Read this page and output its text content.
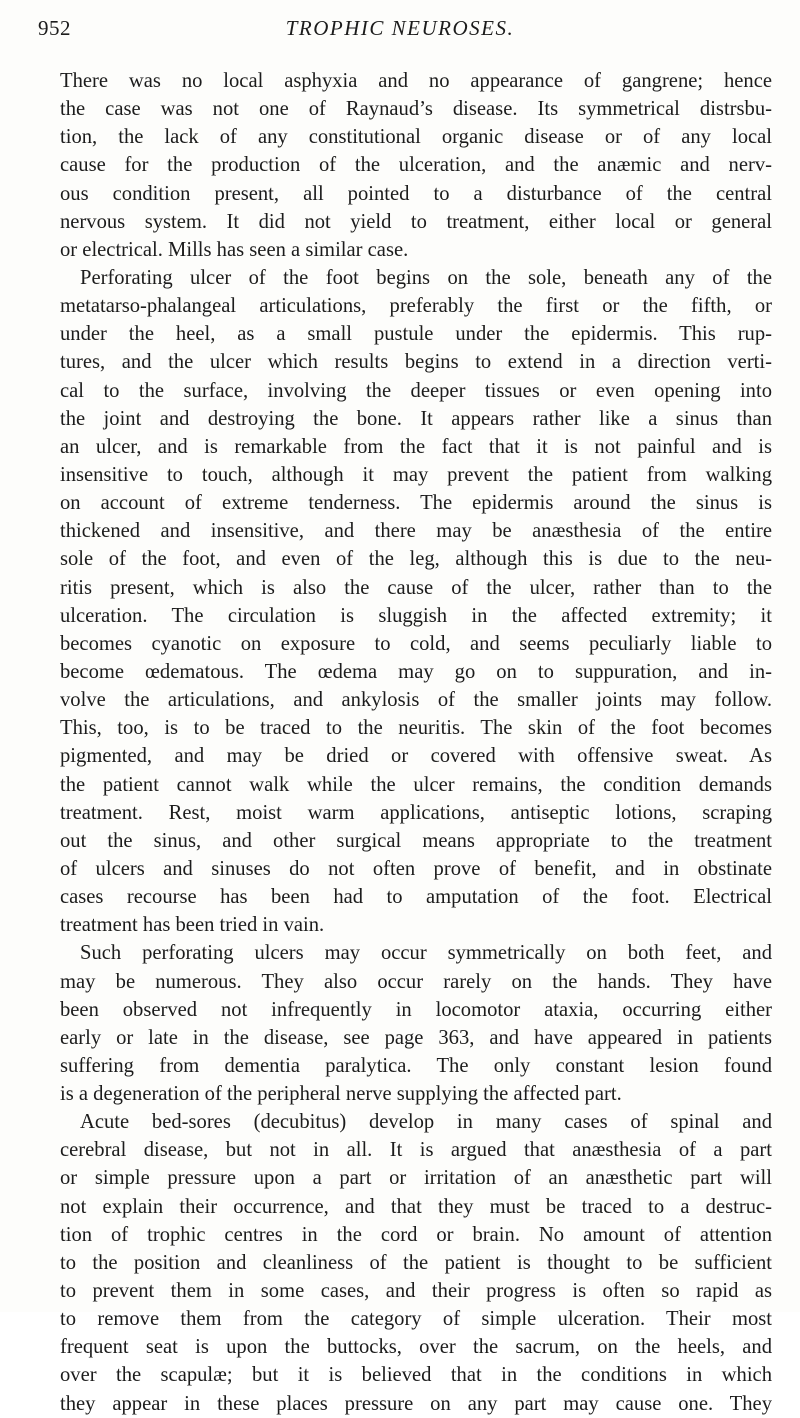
952	TROPHIC NEUROSES.
There was no local asphyxia and no appearance of gangrene; hence
the case was not one of Raynaud’s disease. Its symmetrical distrsbu-
tion, the lack of any constitutional organic disease or of any local
cause for the production of the ulceration, and the anæmic and nerv-
ous condition present, all pointed to a disturbance of the central
nervous system. It did not yield to treatment, either local or general
or electrical. Mills has seen a similar case.
Perforating ulcer of the foot begins on the sole, beneath any of the
metatarso-phalangeal articulations, preferably the first or the fifth, or
under the heel, as a small pustule under the epidermis. This rup-
tures, and the ulcer which results begins to extend in a direction verti-
cal to the surface, involving the deeper tissues or even opening into
the joint and destroying the bone. It appears rather like a sinus than
an ulcer, and is remarkable from the fact that it is not painful and is
insensitive to touch, although it may prevent the patient from walking
on account of extreme tenderness. The epidermis around the sinus is
thickened and insensitive, and there may be anæsthesia of the entire
sole of the foot, and even of the leg, although this is due to the neu-
ritis present, which is also the cause of the ulcer, rather than to the
ulceration. The circulation is sluggish in the affected extremity; it
becomes cyanotic on exposure to cold, and seems peculiarly liable to
become œdematous. The œdema may go on to suppuration, and in-
volve the articulations, and ankylosis of the smaller joints may follow.
This, too, is to be traced to the neuritis. The skin of the foot becomes
pigmented, and may be dried or covered with offensive sweat. As
the patient cannot walk while the ulcer remains, the condition demands
treatment. Rest, moist warm applications, antiseptic lotions, scraping
out the sinus, and other surgical means appropriate to the treatment
of ulcers and sinuses do not often prove of benefit, and in obstinate
cases recourse has been had to amputation of the foot. Electrical
treatment has been tried in vain.
Such perforating ulcers may occur symmetrically on both feet, and
may be numerous. They also occur rarely on the hands. They have
been observed not infrequently in locomotor ataxia, occurring either
early or late in the disease, see page 363, and have appeared in patients
suffering from dementia paralytica. The only constant lesion found
is a degeneration of the peripheral nerve supplying the affected part.
Acute bed-sores (decubitus) develop in many cases of spinal and
cerebral disease, but not in all. It is argued that anæsthesia of a part
or simple pressure upon a part or irritation of an anæsthetic part will
not explain their occurrence, and that they must be traced to a destruc-
tion of trophic centres in the cord or brain. No amount of attention
to the position and cleanliness of the patient is thought to be sufficient
to prevent them in some cases, and their progress is often so rapid as
to remove them from the category of simple ulceration. Their most
frequent seat is upon the buttocks, over the sacrum, on the heels, and
over the scapulæ; but it is believed that in the conditions in which
they appear in these places pressure on any part may cause one. They
